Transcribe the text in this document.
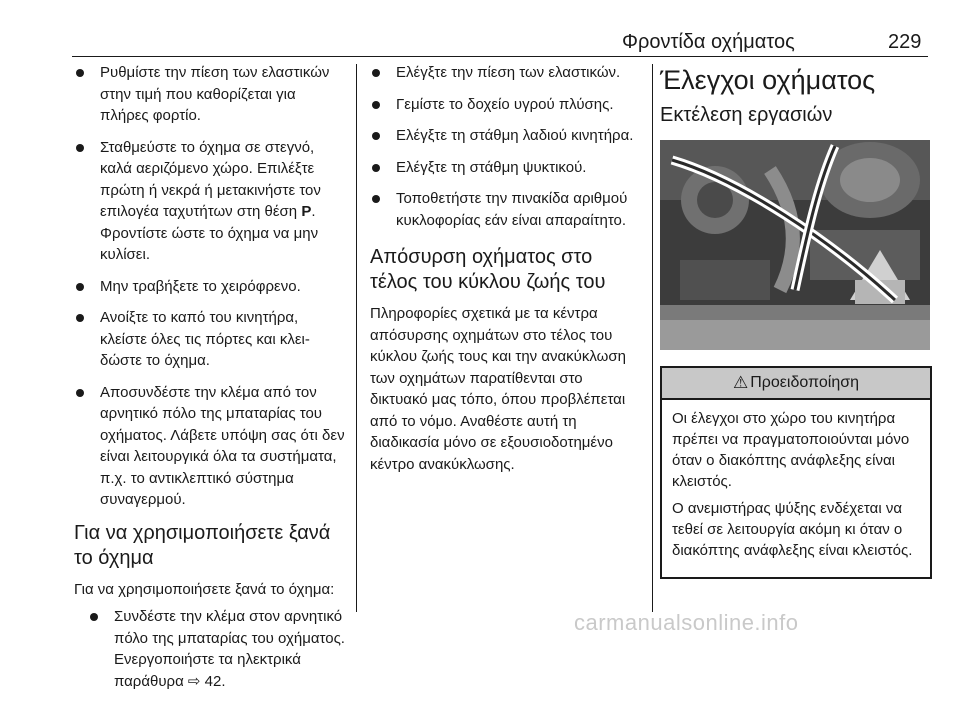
Φροντίδα οχήματος	229
Ρυθμίστε την πίεση των ελαστικών στην τιμή που καθορίζεται για πλήρες φορτίο.
Σταθμεύστε το όχημα σε στεγνό, καλά αεριζόμενο χώρο. Επιλέξτε πρώτη ή νεκρά ή μετακινήστε τον επιλογέα ταχυτήτων στη θέση P. Φροντίστε ώστε το όχημα να μην κυλίσει.
Μην τραβήξετε το χειρόφρενο.
Ανοίξτε το καπό του κινητήρα, κλείστε όλες τις πόρτες και κλειδώστε το όχημα.
Αποσυνδέστε την κλέμα από τον αρνητικό πόλο της μπαταρίας του οχήματος. Λάβετε υπόψη σας ότι δεν είναι λειτουργικά όλα τα συστήματα, π.χ. το αντικλεπτικό σύστημα συναγερμού.
Για να χρησιμοποιήσετε ξανά το όχημα

Για να χρησιμοποιήσετε ξανά το όχημα:

Συνδέστε την κλέμα στον αρνητικό πόλο της μπαταρίας του οχήματος. Ενεργοποιήστε τα ηλεκτρικά παράθυρα ⇨ 42.
Ελέγξτε την πίεση των ελαστικών.
Γεμίστε το δοχείο υγρού πλύσης.
Ελέγξτε τη στάθμη λαδιού κινητήρα.
Ελέγξτε τη στάθμη ψυκτικού.
Τοποθετήστε την πινακίδα αριθμού κυκλοφορίας εάν είναι απαραίτητο.
Απόσυρση οχήματος στο τέλος του κύκλου ζωής του

Πληροφορίες σχετικά με τα κέντρα απόσυρσης οχημάτων στο τέλος του κύκλου ζωής τους και την ανακύκλωση των οχημάτων παρατίθενται στο δικτυακό μας τόπο, όπου προβλέπεται από το νόμο. Αναθέστε αυτή τη διαδικασία μόνο σε εξουσιοδοτημένο κέντρο ανακύκλωσης.

Έλεγχοι οχήματος
Εκτέλεση εργασιών
⚠ Προειδοποίηση

Οι έλεγχοι στο χώρο του κινητήρα πρέπει να πραγματοποιούνται μόνο όταν ο διακόπτης ανάφλεξης είναι κλειστός.

Ο ανεμιστήρας ψύξης ενδέχεται να τεθεί σε λειτουργία ακόμη κι όταν ο διακόπτης ανάφλεξης είναι κλειστός.

carmanualsonline.info
